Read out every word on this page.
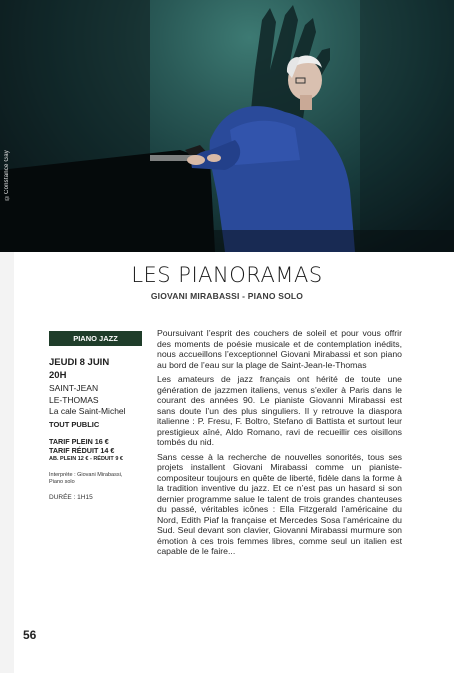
©Constance Gay
LES PIANORAMAS
GIOVANI MIRABASSI - PIANO SOLO
PIANO JAZZ
JEUDI 8 JUIN
20H
SAINT-JEAN
LE-THOMAS
La cale Saint-Michel
TOUT PUBLIC
TARIF PLEIN 16 €
TARIF RÉDUIT 14 €
AB. PLEIN 12 € - RÉDUIT 9 €
Interprète : Giovani Mirabassi,
Piano solo
DURÉE : 1H15

Poursuivant l’esprit des couchers de soleil et pour vous offrir des moments de poésie musicale et de contemplation inédits, nous accueillons l’exceptionnel Giovani Mirabassi et son piano au bord de l’eau sur la plage de Saint-Jean-le-Thomas

Les amateurs de jazz français ont hérité de toute une génération de jazzmen italiens, venus s’exiler à Paris dans le courant des années 90. Le pianiste Giovanni Mirabassi est sans doute l’un des plus singuliers. Il y retrouve la diaspora italienne : P. Fresu, F. Boltro, Stefano di Battista et surtout leur prestigieux aîné, Aldo Romano, ravi de recueillir ces oisillons tombés du nid.

Sans cesse à la recherche de nouvelles sonorités, tous ses projets installent Giovani Mirabassi comme un pianiste-compositeur toujours en quête de liberté, fidèle dans la forme à la tradition inventive du jazz. Et ce n’est pas un hasard si son dernier programme salue le talent de trois grandes chanteuses du passé, véritables icônes : Ella Fitzgerald l’américaine du Nord, Edith Piaf la française et Mercedes Sosa l’américaine du Sud. Seul devant son clavier, Giovanni Mirabassi murmure son émotion à ces trois femmes libres, comme seul un italien est capable de le faire...

56
